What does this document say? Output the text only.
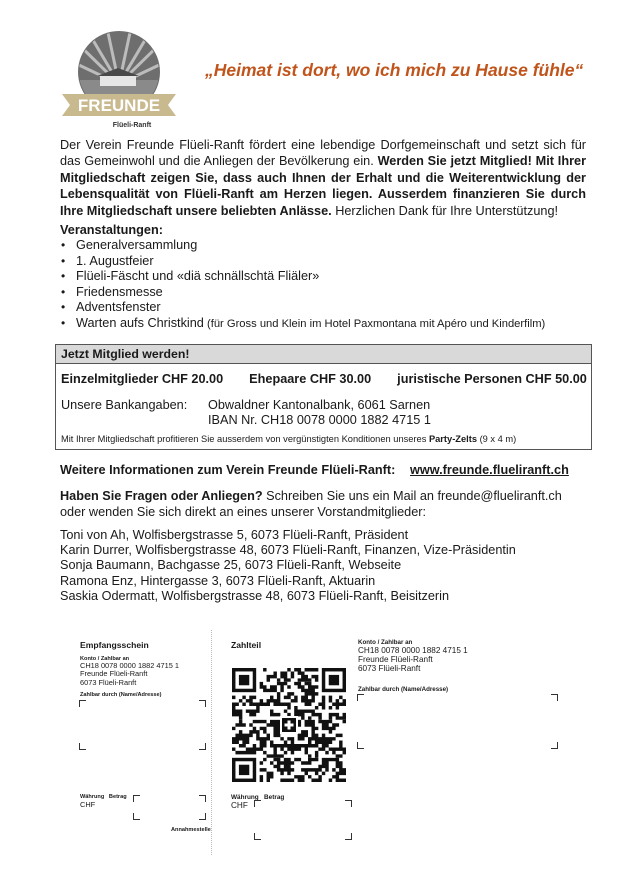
FREUNDE
Flüeli-Ranft
„Heimat ist dort, wo ich mich zu Hause fühle“

Der Verein Freunde Flüeli-Ranft fördert eine lebendige Dorfgemeinschaft und setzt sich für das Gemeinwohl und die Anliegen der Bevölkerung ein. Werden Sie jetzt Mitglied! Mit Ihrer Mitgliedschaft zeigen Sie, dass auch Ihnen der Erhalt und die Weiterentwicklung der Lebensqualität von Flüeli-Ranft am Herzen liegen. Ausserdem finanzieren Sie durch Ihre Mitgliedschaft unsere beliebten Anlässe. Herzlichen Dank für Ihre Unterstützung!

Veranstaltungen:
• Generalversammlung
• 1. Augustfeier
• Flüeli-Fäscht und «diä schnällschtä Fliäler»
• Friedensmesse
• Adventsfenster
• Warten aufs Christkind (für Gross und Klein im Hotel Paxmontana mit Apéro und Kinderfilm)
Jetzt Mitglied werden!
Einzelmitglieder CHF 20.00 Ehepaare CHF 30.00 juristische Personen CHF 50.00
Unsere Bankangaben: Obwaldner Kantonalbank, 6061 Sarnen
IBAN Nr. CH18 0078 0000 1882 4715 1
Mit Ihrer Mitgliedschaft profitieren Sie ausserdem von vergünstigten Konditionen unseres Party-Zelts (9 x 4 m)
Weitere Informationen zum Verein Freunde Flüeli-Ranft: www.freunde.flueliranft.ch

Haben Sie Fragen oder Anliegen? Schreiben Sie uns ein Mail an freunde@flueliranft.ch oder wenden Sie sich direkt an eines unserer Vorstandmitglieder:

Toni von Ah, Wolfisbergstrasse 5, 6073 Flüeli-Ranft, Präsident
Karin Durrer, Wolfisbergstrasse 48, 6073 Flüeli-Ranft, Finanzen, Vize-Präsidentin
Sonja Baumann, Bachgasse 25, 6073 Flüeli-Ranft, Webseite
Ramona Enz, Hintergasse 3, 6073 Flüeli-Ranft, Aktuarin
Saskia Odermatt, Wolfisbergstrasse 48, 6073 Flüeli-Ranft, Beisitzerin
Empfangsschein
Konto / Zahlbar an
CH18 0078 0000 1882 4715 1
Freunde Flüeli-Ranft
6073 Flüeli-Ranft
Zahlbar durch (Name/Adresse)
Währung Betrag
CHF
Annahmestelle
Zahlteil
Währung Betrag
CHF
Konto / Zahlbar an
CH18 0078 0000 1882 4715 1
Freunde Flüeli-Ranft
6073 Flüeli-Ranft
Zahlbar durch (Name/Adresse)
